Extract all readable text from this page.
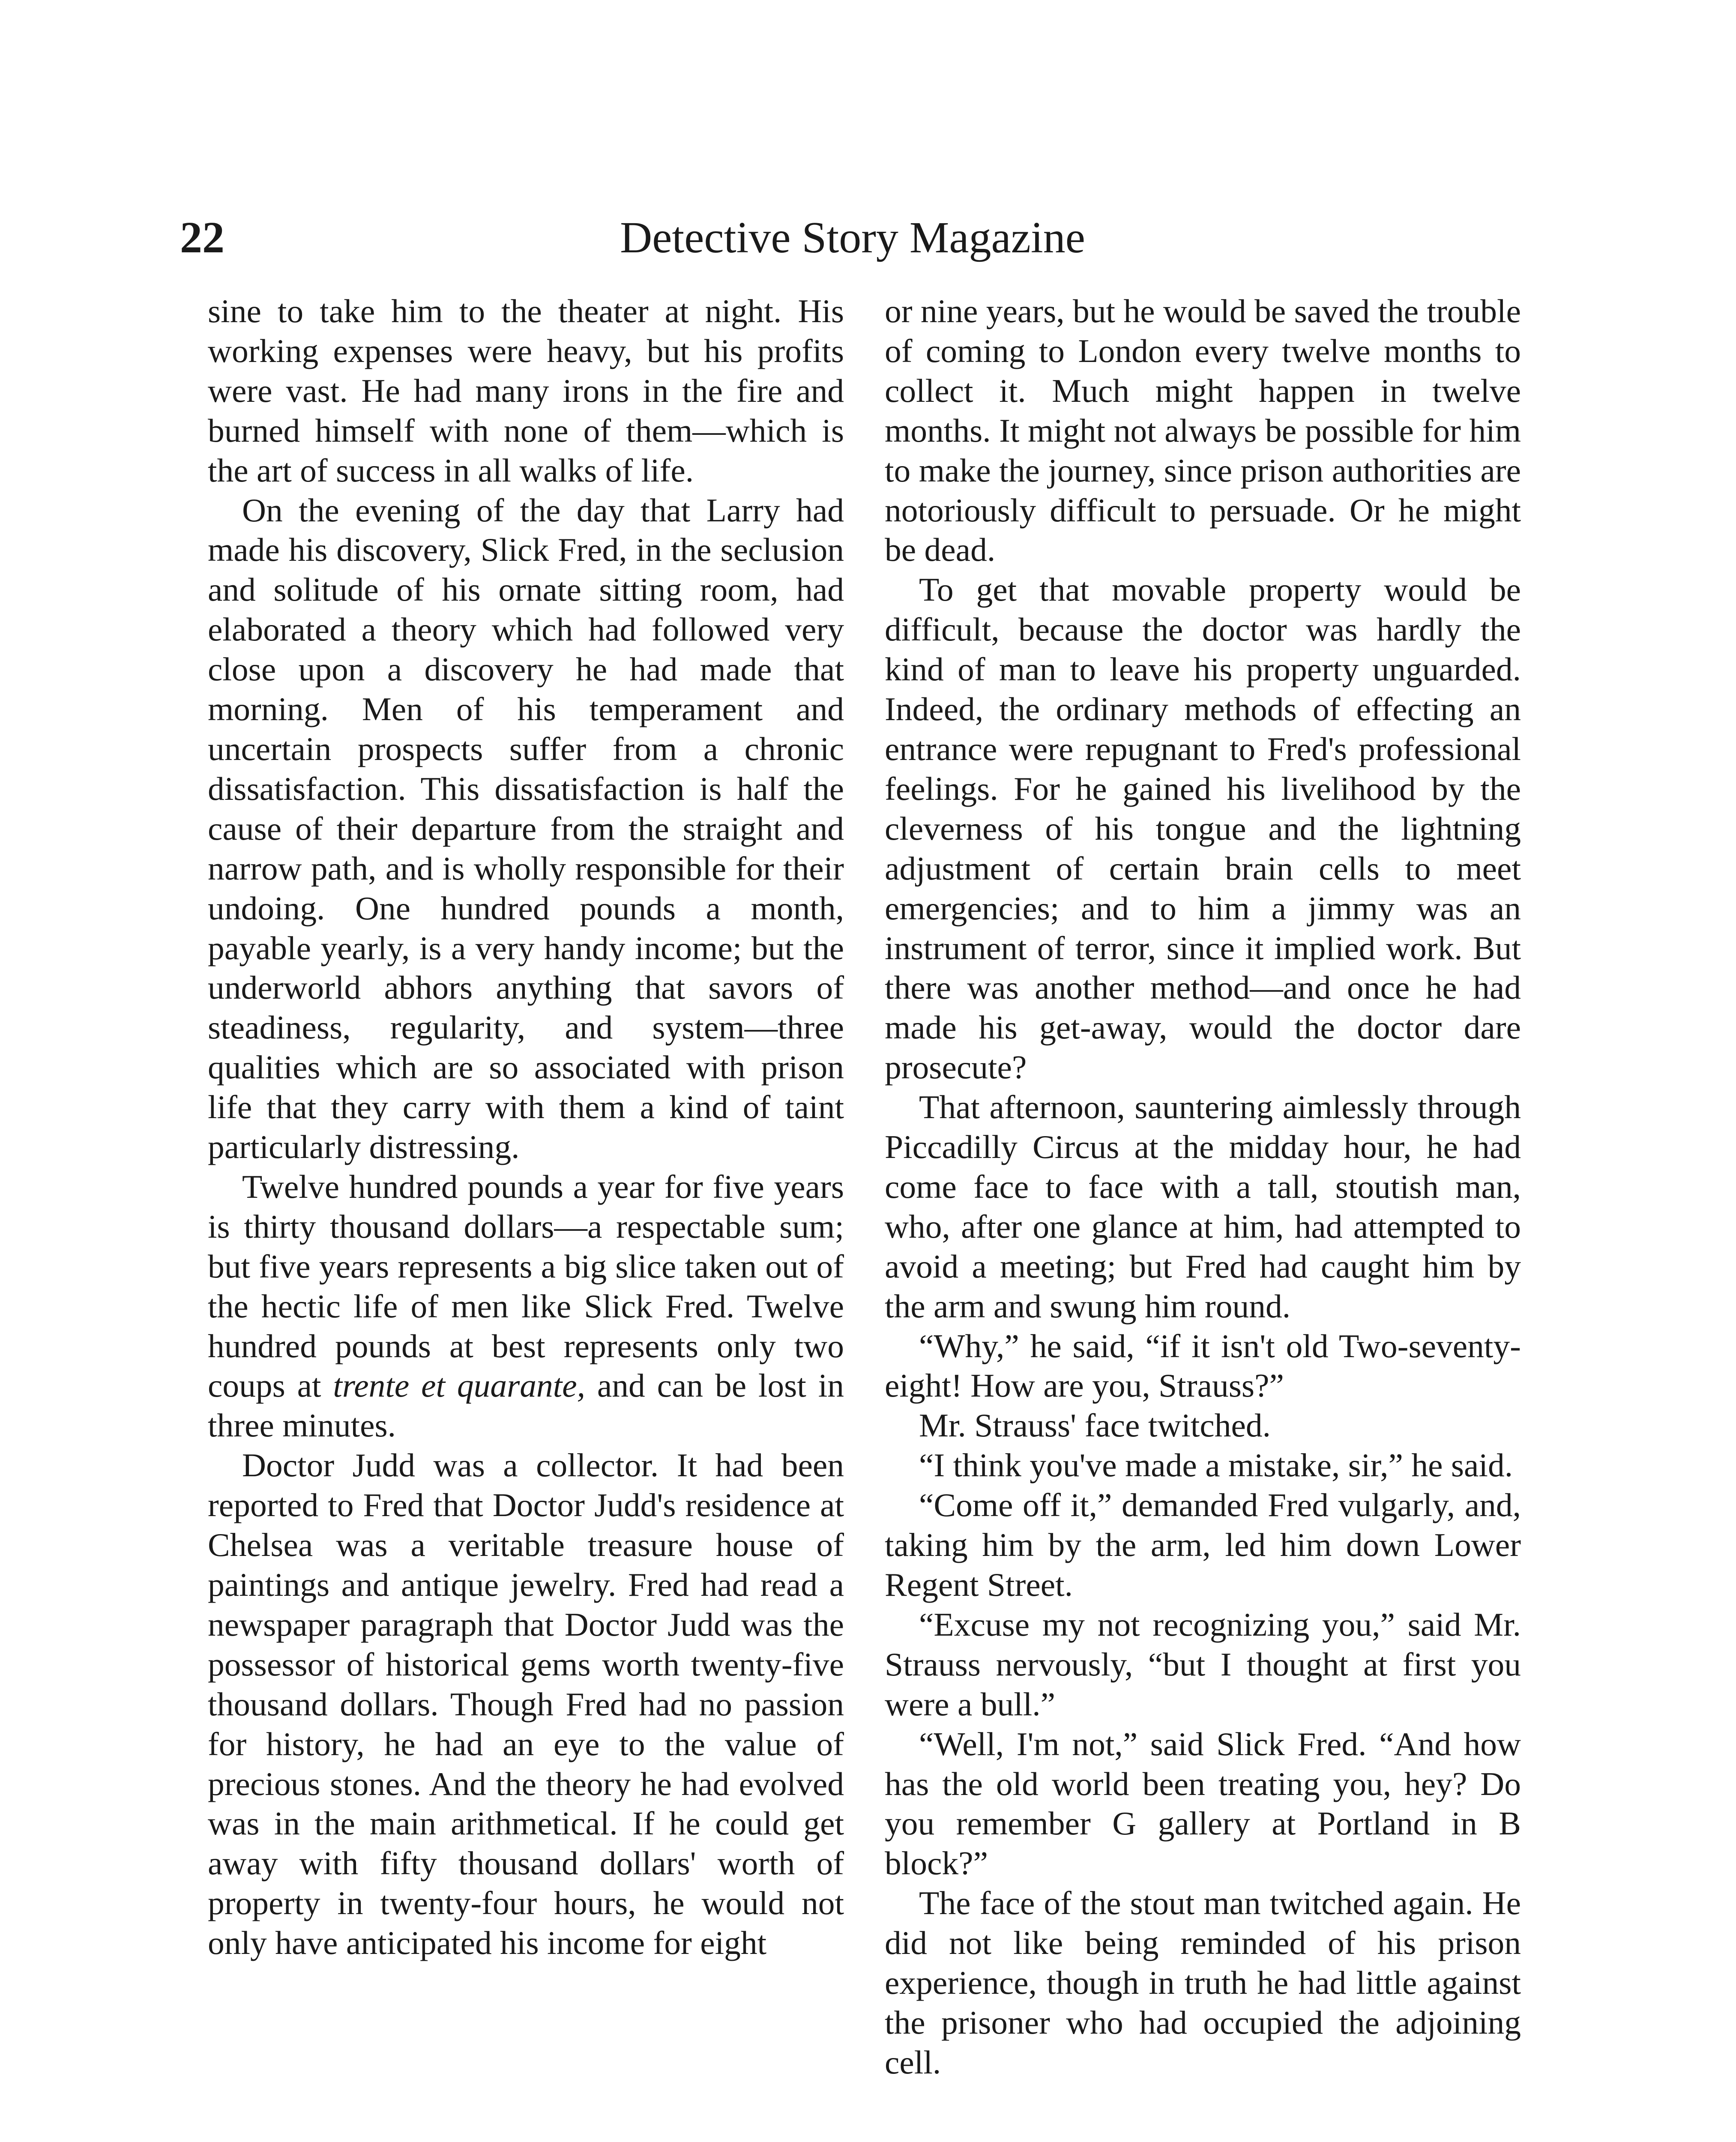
22	Detective Story Magazine

sine to take him to the theater at night. His working expenses were heavy, but his profits were vast. He had many irons in the fire and burned himself with none of them—which is the art of success in all walks of life.

On the evening of the day that Larry had made his discovery, Slick Fred, in the seclusion and solitude of his ornate sitting room, had elaborated a theory which had followed very close upon a discovery he had made that morning. Men of his temperament and uncertain prospects suffer from a chronic dissatisfaction. This dissatisfaction is half the cause of their departure from the straight and narrow path, and is wholly responsible for their undoing. One hundred pounds a month, payable yearly, is a very handy income; but the underworld abhors anything that savors of steadiness, regularity, and system—three qualities which are so associated with prison life that they carry with them a kind of taint particularly distressing.

Twelve hundred pounds a year for five years is thirty thousand dollars—a respectable sum; but five years represents a big slice taken out of the hectic life of men like Slick Fred. Twelve hundred pounds at best represents only two coups at trente et quarante, and can be lost in three minutes.

Doctor Judd was a collector. It had been reported to Fred that Doctor Judd's residence at Chelsea was a veritable treasure house of paintings and antique jewelry. Fred had read a newspaper paragraph that Doctor Judd was the possessor of historical gems worth twenty-five thousand dollars. Though Fred had no passion for history, he had an eye to the value of precious stones. And the theory he had evolved was in the main arithmetical. If he could get away with fifty thousand dollars' worth of property in twenty-four hours, he would not only have anticipated his income for eight

or nine years, but he would be saved the trouble of coming to London every twelve months to collect it. Much might happen in twelve months. It might not always be possible for him to make the journey, since prison authorities are notoriously difficult to persuade. Or he might be dead.

To get that movable property would be difficult, because the doctor was hardly the kind of man to leave his property unguarded. Indeed, the ordinary methods of effecting an entrance were repugnant to Fred's professional feelings. For he gained his livelihood by the cleverness of his tongue and the lightning adjustment of certain brain cells to meet emergencies; and to him a jimmy was an instrument of terror, since it implied work. But there was another method—and once he had made his get-away, would the doctor dare prosecute?

That afternoon, sauntering aimlessly through Piccadilly Circus at the midday hour, he had come face to face with a tall, stoutish man, who, after one glance at him, had attempted to avoid a meeting; but Fred had caught him by the arm and swung him round.

“Why,” he said, “if it isn't old Two-seventy-eight! How are you, Strauss?”

Mr. Strauss' face twitched.

“I think you've made a mistake, sir,” he said.

“Come off it,” demanded Fred vulgarly, and, taking him by the arm, led him down Lower Regent Street.

“Excuse my not recognizing you,” said Mr. Strauss nervously, “but I thought at first you were a bull.”

“Well, I'm not,” said Slick Fred. “And how has the old world been treating you, hey? Do you remember G gallery at Portland in B block?”

The face of the stout man twitched again. He did not like being reminded of his prison experience, though in truth he had little against the prisoner who had occupied the adjoining cell.
